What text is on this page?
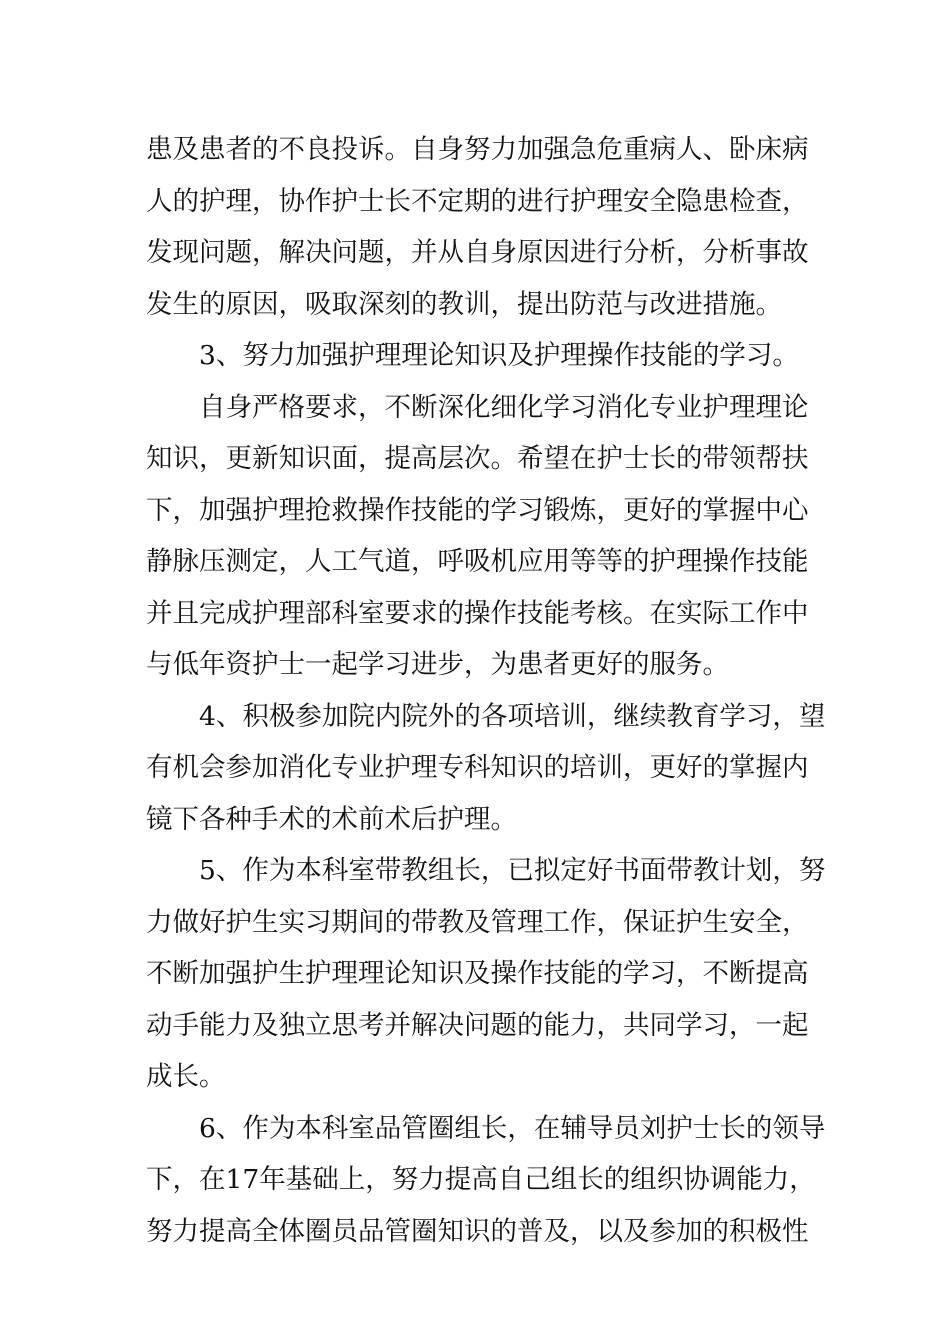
患及患者的不良投诉。自身努力加强急危重病人、卧床病
人的护理，协作护士长不定期的进行护理安全隐患检查，
发现问题，解决问题，并从自身原因进行分析，分析事故
发生的原因，吸取深刻的教训，提出防范与改进措施。
3、努力加强护理理论知识及护理操作技能的学习。
自身严格要求，不断深化细化学习消化专业护理理论
知识，更新知识面，提高层次。希望在护士长的带领帮扶
下，加强护理抢救操作技能的学习锻炼，更好的掌握中心
静脉压测定，人工气道，呼吸机应用等等的护理操作技能
并且完成护理部科室要求的操作技能考核。在实际工作中
与低年资护士一起学习进步，为患者更好的服务。
4、积极参加院内院外的各项培训，继续教育学习，望
有机会参加消化专业护理专科知识的培训，更好的掌握内
镜下各种手术的术前术后护理。
5、作为本科室带教组长，已拟定好书面带教计划，努
力做好护生实习期间的带教及管理工作，保证护生安全，
不断加强护生护理理论知识及操作技能的学习，不断提高
动手能力及独立思考并解决问题的能力，共同学习，一起
成长。
6、作为本科室品管圈组长，在辅导员刘护士长的领导
下，在17年基础上，努力提高自己组长的组织协调能力，
努力提高全体圈员品管圈知识的普及，以及参加的积极性
